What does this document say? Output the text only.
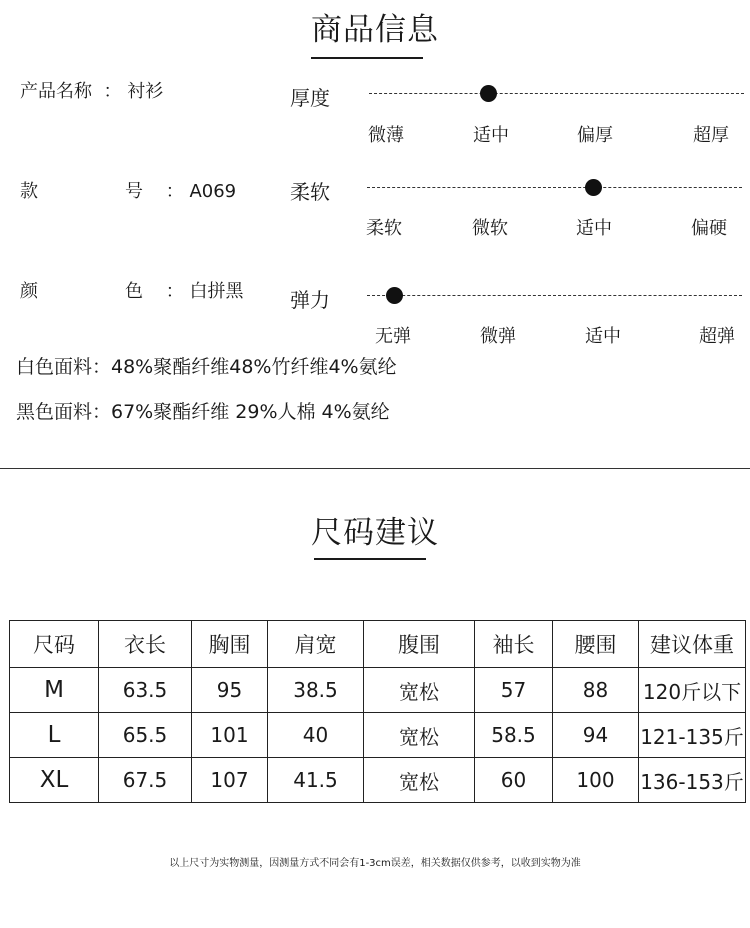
商品信息
产品名称  ： 衬衫
款　　号 ： A069
颜　　色 ： 白拼黑
白色面料：48%聚酯纤维48%竹纤维4%氨纶
黑色面料：67%聚酯纤维 29%人棉 4%氨纶
厚度
微薄	适中	偏厚	超厚
柔软
柔软	微软	适中	偏硬
弹力
无弹	微弹	适中	超弹
尺码建议
尺码	衣长	胸围	肩宽	腹围	袖长	腰围	建议体重
M	63.5	95	38.5	宽松	57	88	120斤以下
L	65.5	101	40	宽松	58.5	94	121-135斤
XL	67.5	107	41.5	宽松	60	100	136-153斤
以上尺寸为实物测量，因测量方式不同会有1-3cm误差，相关数据仅供参考，以收到实物为准
